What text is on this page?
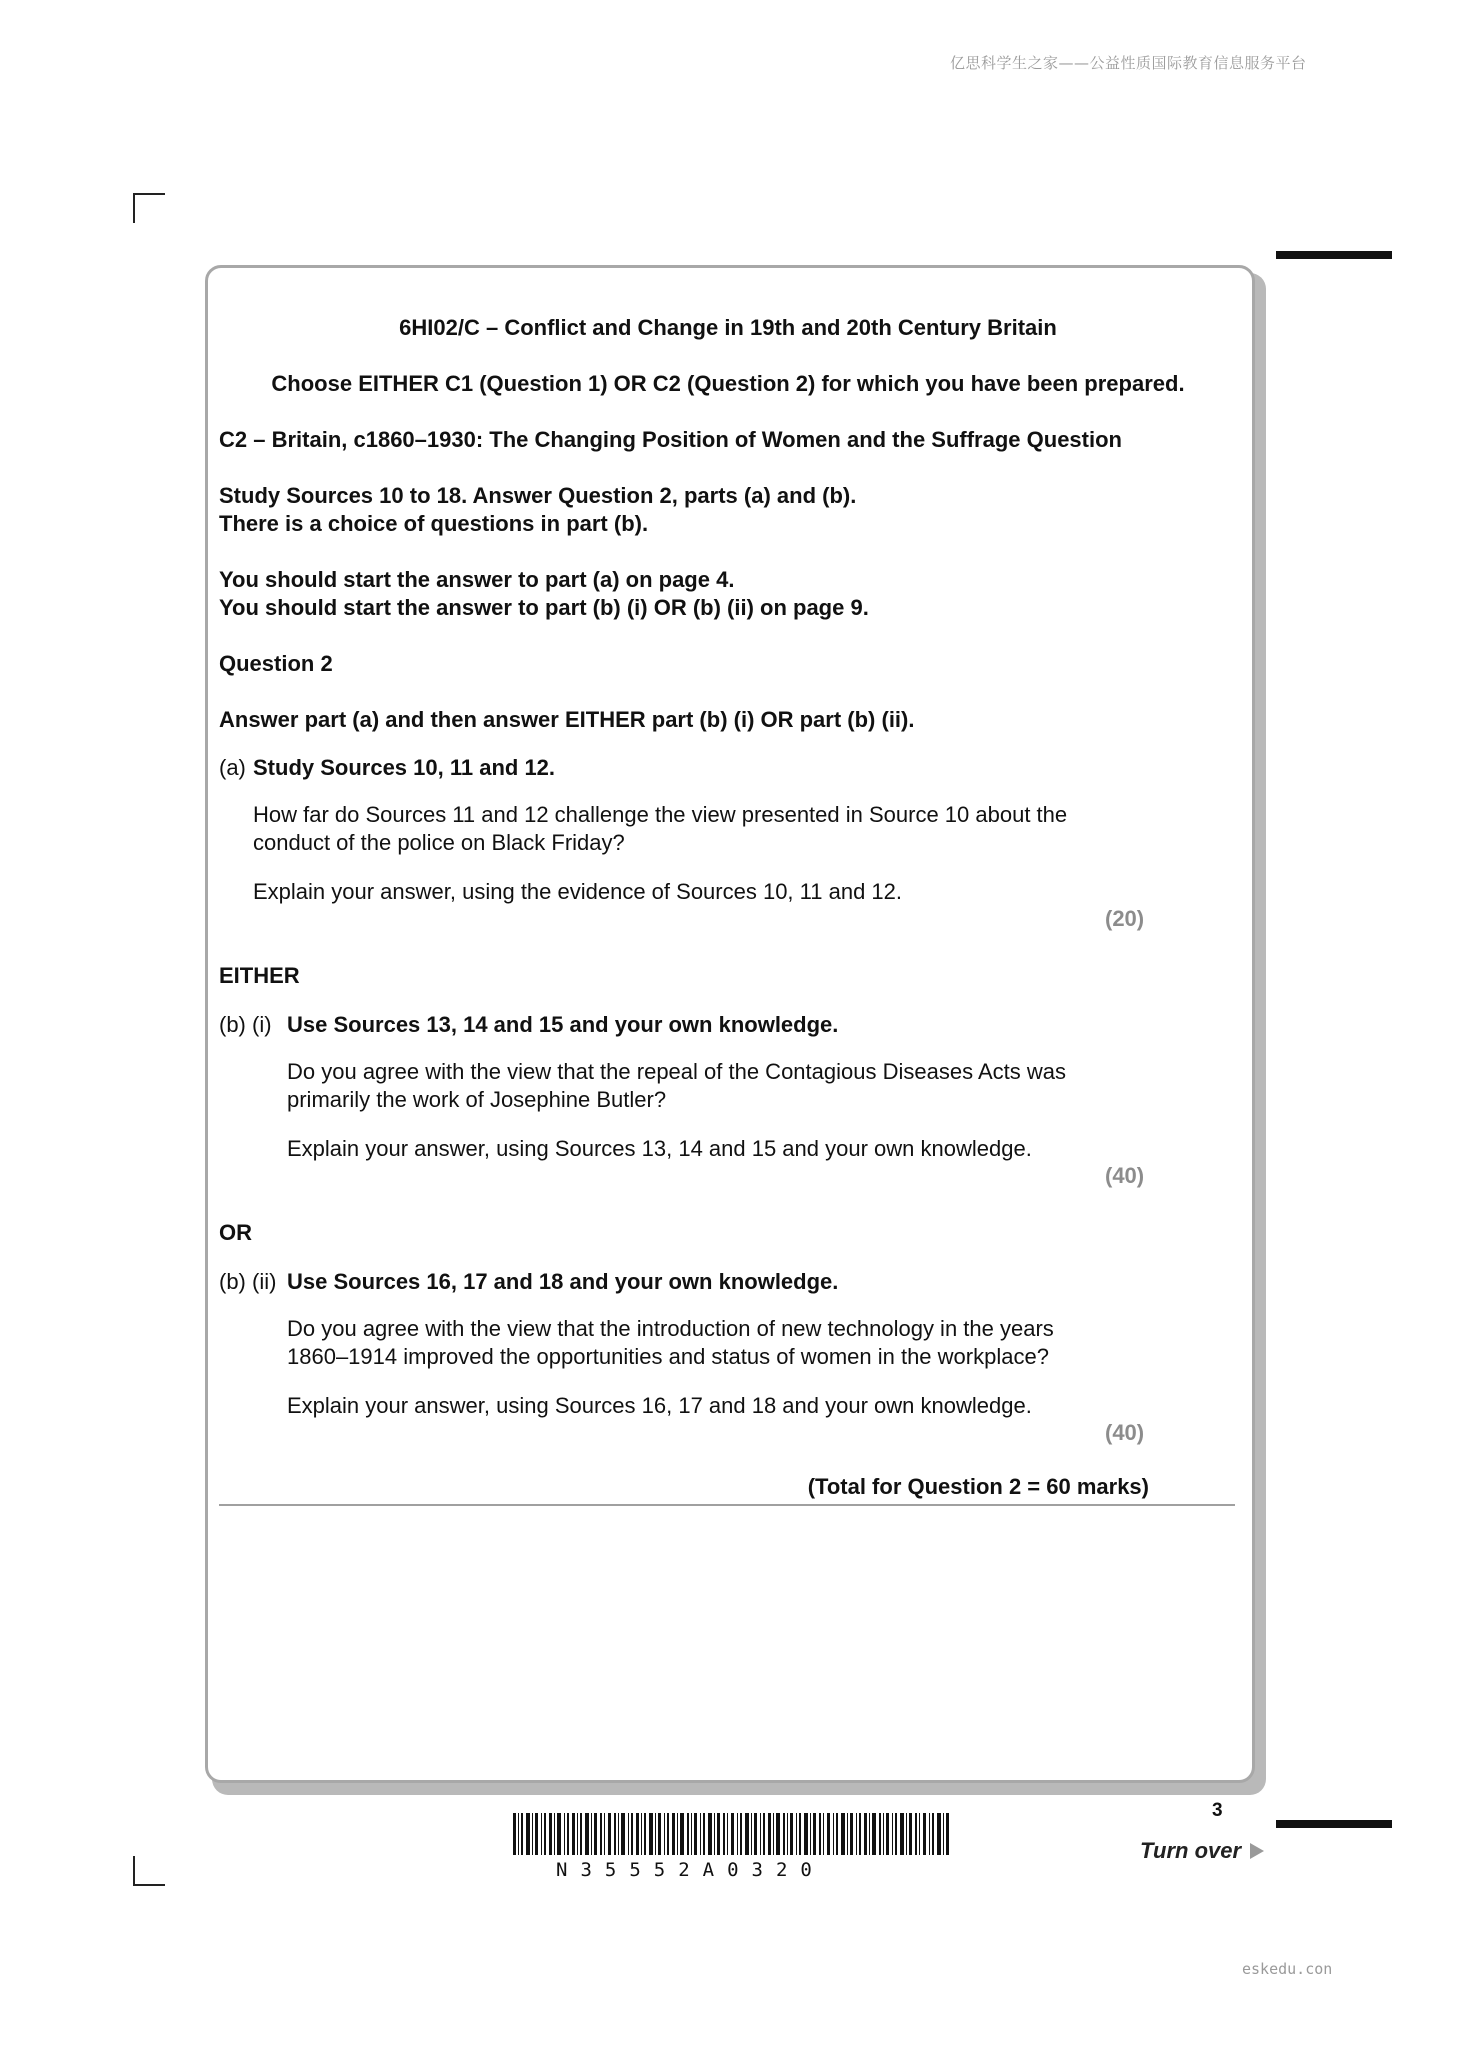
亿思科学生之家——公益性质国际教育信息服务平台
eskedu.con
6HI02/C – Conflict and Change in 19th and 20th Century Britain
Choose EITHER C1 (Question 1) OR C2 (Question 2) for which you have been prepared.
C2 – Britain, c1860–1930: The Changing Position of Women and the Suffrage Question
Study Sources 10 to 18. Answer Question 2, parts (a) and (b).
There is a choice of questions in part (b).
You should start the answer to part (a) on page 4.
You should start the answer to part (b) (i) OR (b) (ii) on page 9.
Question 2
Answer part (a) and then answer EITHER part (b) (i) OR part (b) (ii).
(a) Study Sources 10, 11 and 12.
How far do Sources 11 and 12 challenge the view presented in Source 10 about the
conduct of the police on Black Friday?
Explain your answer, using the evidence of Sources 10, 11 and 12.
(20)
EITHER
(b) (i) Use Sources 13, 14 and 15 and your own knowledge.
Do you agree with the view that the repeal of the Contagious Diseases Acts was
primarily the work of Josephine Butler?
Explain your answer, using Sources 13, 14 and 15 and your own knowledge.
(40)
OR
(b) (ii) Use Sources 16, 17 and 18 and your own knowledge.
Do you agree with the view that the introduction of new technology in the years
1860–1914 improved the opportunities and status of women in the workplace?
Explain your answer, using Sources 16, 17 and 18 and your own knowledge.
(40)
(Total for Question 2 = 60 marks)
3
N35552A0320
Turn over
